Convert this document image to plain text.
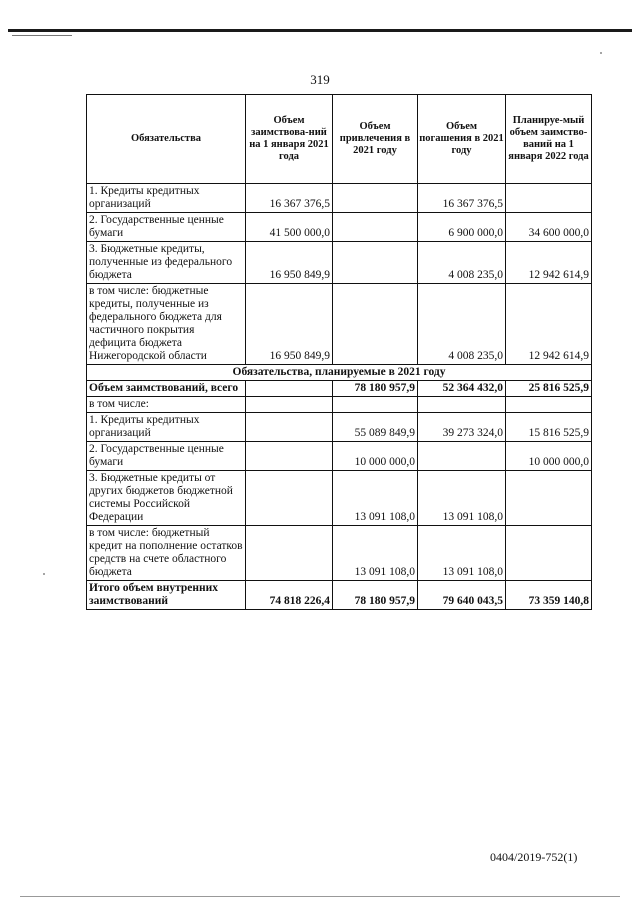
319
Обязательства	Объем заимствова-ний на 1 января 2021 года	Объем привлечения в 2021 году	Объем погашения в 2021 году	Планируе-мый объем заимство-ваний на 1 января 2022 года
1. Кредиты кредитных организаций	16 367 376,5		16 367 376,5	
2. Государственные ценные бумаги	41 500 000,0		6 900 000,0	34 600 000,0
3. Бюджетные кредиты, полученные из федерального бюджета	16 950 849,9		4 008 235,0	12 942 614,9
в том числе: бюджетные кредиты, полученные из федерального бюджета для частичного покрытия дефицита бюджета Нижегородской области	16 950 849,9		4 008 235,0	12 942 614,9
Обязательства, планируемые в 2021 году				
Объем заимствований, всего		78 180 957,9	52 364 432,0	25 816 525,9
в том числе:				
1. Кредиты кредитных организаций		55 089 849,9	39 273 324,0	15 816 525,9
2. Государственные ценные бумаги		10 000 000,0		10 000 000,0
3. Бюджетные кредиты от других бюджетов бюджетной системы Российской Федерации		13 091 108,0	13 091 108,0	
в том числе: бюджетный кредит на пополнение остатков средств на счете областного бюджета		13 091 108,0	13 091 108,0	
Итого объем внутренних заимствований	74 818 226,4	78 180 957,9	79 640 043,5	73 359 140,8
0404/2019-752(1)
